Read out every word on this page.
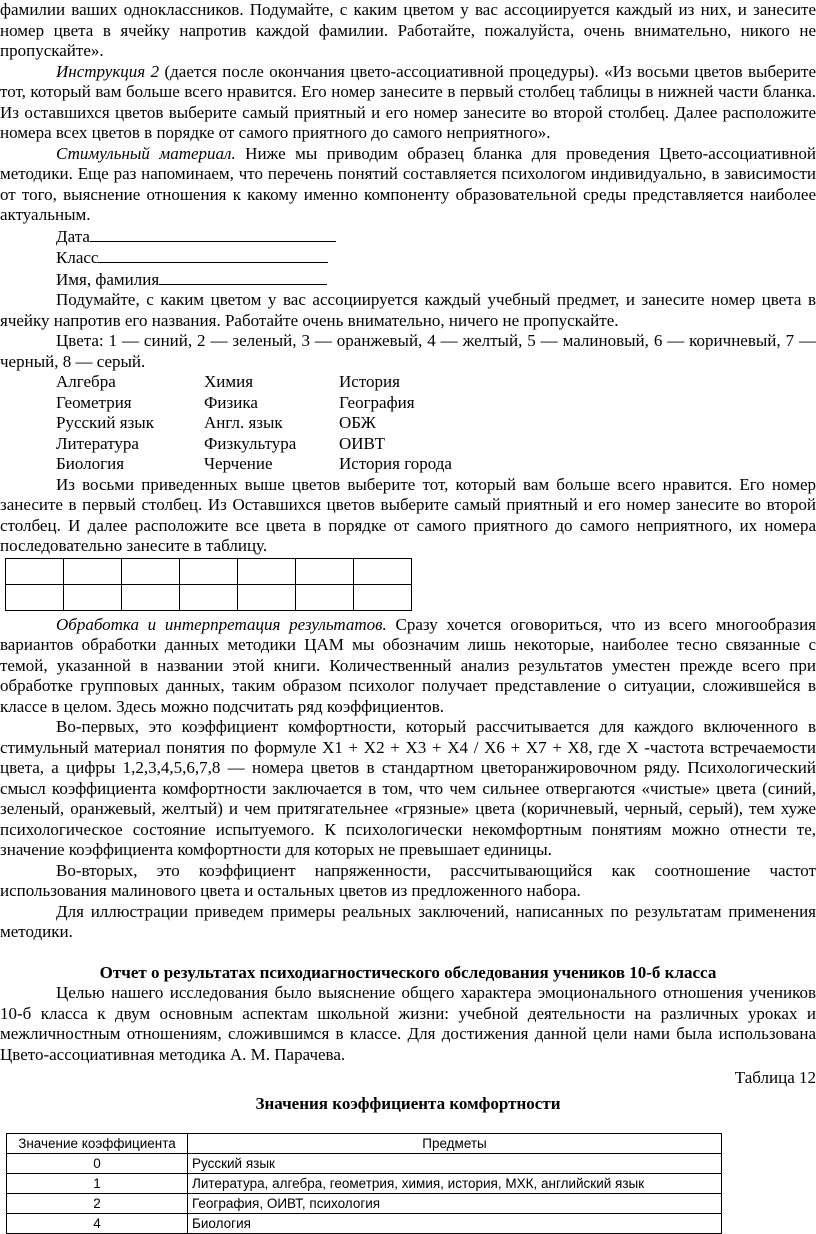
фамилии ваших одноклассников. Подумайте, с каким цветом у вас ассоциируется каждый из них, и занесите номер цвета в ячейку напротив каждой фамилии. Работайте, пожалуйста, очень внимательно, никого не пропускайте».

Инструкция 2 (дается после окончания цвето-ассоциативной процедуры). «Из восьми цветов выберите тот, который вам больше всего нравится. Его номер занесите в первый столбец таблицы в нижней части бланка. Из оставшихся цветов выберите самый приятный и его номер занесите во второй столбец. Далее расположите номера всех цветов в порядке от самого приятного до самого неприятного».

Стимульный материал. Ниже мы приводим образец бланка для проведения Цвето-ассоциативной методики. Еще раз напоминаем, что перечень понятий составляется психологом индивидуально, в зависимости от того, выяснение отношения к какому именно компоненту образовательной среды представляется наиболее актуальным.

Дата
Класс
Имя, фамилия

Подумайте, с каким цветом у вас ассоциируется каждый учебный предмет, и занесите номер цвета в ячейку напротив его названия. Работайте очень внимательно, ничего не пропускайте.

Цвета: 1 — синий, 2 — зеленый, 3 — оранжевый, 4 — желтый, 5 — малиновый, 6 — коричневый, 7 — черный, 8 — серый.

Алгебра	Химия	История
Геометрия	Физика	География
Русский язык	Англ. язык	ОБЖ
Литература	Физкультура	ОИВТ
Биология	Черчение	История города

Из восьми приведенных выше цветов выберите тот, который вам больше всего нравится. Его номер занесите в первый столбец. Из Оставшихся цветов выберите самый приятный и его номер занесите во второй столбец. И далее расположите все цвета в порядке от самого приятного до самого неприятного, их номера последовательно занесите в таблицу.

Обработка и интерпретация результатов. Сразу хочется оговориться, что из всего многообразия вариантов обработки данных методики ЦАМ мы обозначим лишь некоторые, наиболее тесно связанные с темой, указанной в названии этой книги. Количественный анализ результатов уместен прежде всего при обработке групповых данных, таким образом психолог получает представление о ситуации, сложившейся в классе в целом. Здесь можно подсчитать ряд коэффициентов.

Во-первых, это коэффициент комфортности, который рассчитывается для каждого включенного в стимульный материал понятия по формуле Х1 + Х2 + Х3 + Х4 / Х6 + Х7 + Х8, где Х -частота встречаемости цвета, а цифры 1,2,3,4,5,6,7,8 — номера цветов в стандартном цветоранжировочном ряду. Психологический смысл коэффициента комфортности заключается в том, что чем сильнее отвергаются «чистые» цвета (синий, зеленый, оранжевый, желтый) и чем притягательнее «грязные» цвета (коричневый, черный, серый), тем хуже психологическое состояние испытуемого. К психологически некомфортным понятиям можно отнести те, значение коэффициента комфортности для которых не превышает единицы.

Во-вторых, это коэффициент напряженности, рассчитывающийся как соотношение частот использования малинового цвета и остальных цветов из предложенного набора.

Для иллюстрации приведем примеры реальных заключений, написанных по результатам применения методики.

Отчет о результатах психодиагностического обследования учеников 10-б класса

Целью нашего исследования было выяснение общего характера эмоционального отношения учеников 10-б класса к двум основным аспектам школьной жизни: учебной деятельности на различных уроках и межличностным отношениям, сложившимся в классе. Для достижения данной цели нами была использована Цвето-ассоциативная методика А. М. Парачева.

Таблица 12

Значения коэффициента комфортности

Значение коэффициента	Предметы
0	Русский язык
1	Литература, алгебра, геометрия, химия, история, МХК, английский язык
2	География, ОИВТ, психология
4	Биология
